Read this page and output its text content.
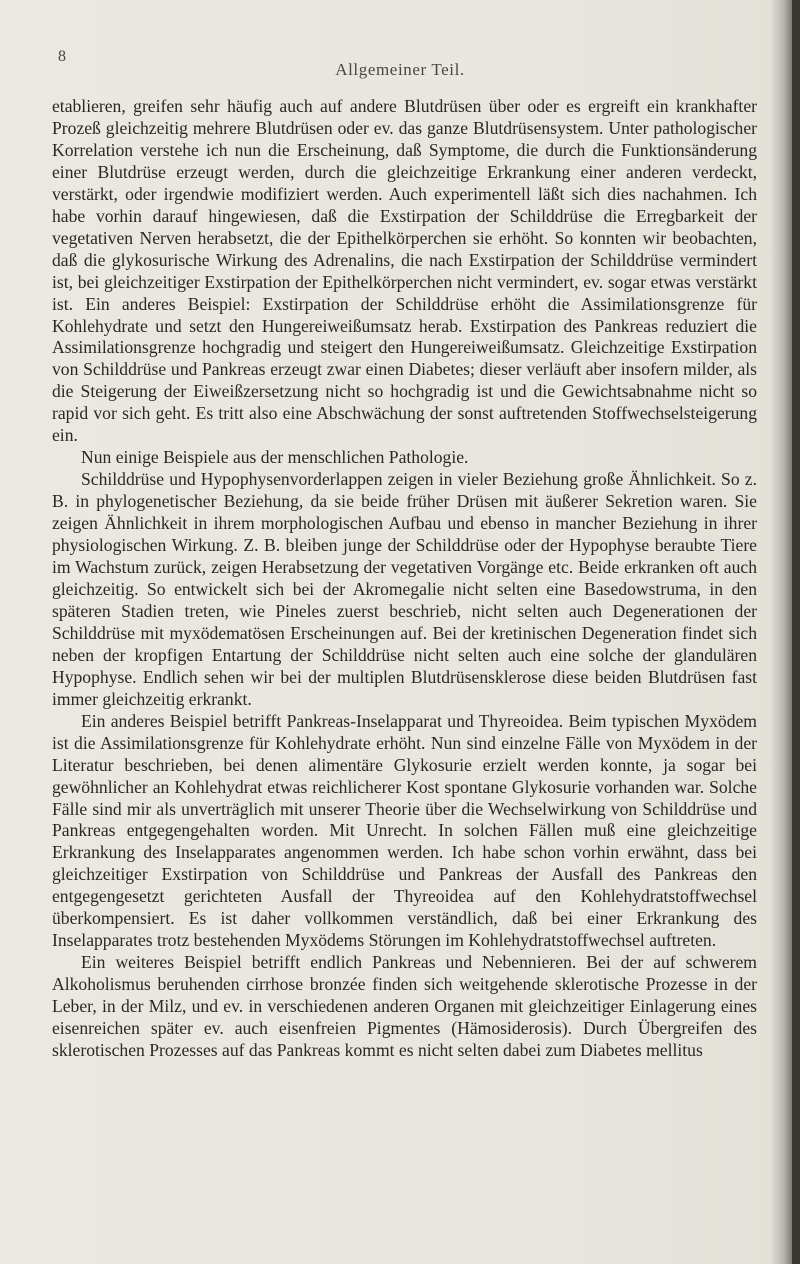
8
Allgemeiner Teil.

etablieren, greifen sehr häufig auch auf andere Blutdrüsen über oder es ergreift ein krankhafter Prozeß gleichzeitig mehrere Blutdrüsen oder ev. das ganze Blutdrüsensystem. Unter pathologischer Korrelation verstehe ich nun die Erscheinung, daß Symptome, die durch die Funktionsänderung einer Blutdrüse erzeugt werden, durch die gleichzeitige Erkrankung einer anderen verdeckt, verstärkt, oder irgendwie modifiziert werden. Auch experimentell läßt sich dies nachahmen. Ich habe vorhin darauf hingewiesen, daß die Exstirpation der Schilddrüse die Erregbarkeit der vegetativen Nerven herabsetzt, die der Epithelkörperchen sie erhöht. So konnten wir beobachten, daß die glykosurische Wirkung des Adrenalins, die nach Exstirpation der Schilddrüse vermindert ist, bei gleichzeitiger Exstirpation der Epithelkörperchen nicht vermindert, ev. sogar etwas verstärkt ist. Ein anderes Beispiel: Exstirpation der Schilddrüse erhöht die Assimilationsgrenze für Kohlehydrate und setzt den Hungereiweißumsatz herab. Exstirpation des Pankreas reduziert die Assimilationsgrenze hochgradig und steigert den Hungereiweißumsatz. Gleichzeitige Exstirpation von Schilddrüse und Pankreas erzeugt zwar einen Diabetes; dieser verläuft aber insofern milder, als die Steigerung der Eiweißzersetzung nicht so hochgradig ist und die Gewichtsabnahme nicht so rapid vor sich geht. Es tritt also eine Abschwächung der sonst auftretenden Stoffwechselsteigerung ein.

Nun einige Beispiele aus der menschlichen Pathologie.

Schilddrüse und Hypophysenvorderlappen zeigen in vieler Beziehung große Ähnlichkeit. So z. B. in phylogenetischer Beziehung, da sie beide früher Drüsen mit äußerer Sekretion waren. Sie zeigen Ähnlichkeit in ihrem morphologischen Aufbau und ebenso in mancher Beziehung in ihrer physiologischen Wirkung. Z. B. bleiben junge der Schilddrüse oder der Hypophyse beraubte Tiere im Wachstum zurück, zeigen Herabsetzung der vegetativen Vorgänge etc. Beide erkranken oft auch gleichzeitig. So entwickelt sich bei der Akromegalie nicht selten eine Basedowstruma, in den späteren Stadien treten, wie Pineles zuerst beschrieb, nicht selten auch Degenerationen der Schilddrüse mit myxödematösen Erscheinungen auf. Bei der kretinischen Degeneration findet sich neben der kropfigen Entartung der Schilddrüse nicht selten auch eine solche der glandulären Hypophyse. Endlich sehen wir bei der multiplen Blutdrüsensklerose diese beiden Blutdrüsen fast immer gleichzeitig erkrankt.

Ein anderes Beispiel betrifft Pankreas-Inselapparat und Thyreoidea. Beim typischen Myxödem ist die Assimilationsgrenze für Kohlehydrate erhöht. Nun sind einzelne Fälle von Myxödem in der Literatur beschrieben, bei denen alimentäre Glykosurie erzielt werden konnte, ja sogar bei gewöhnlicher an Kohlehydrat etwas reichlicherer Kost spontane Glykosurie vorhanden war. Solche Fälle sind mir als unverträglich mit unserer Theorie über die Wechselwirkung von Schilddrüse und Pankreas entgegengehalten worden. Mit Unrecht. In solchen Fällen muß eine gleichzeitige Erkrankung des Inselapparates angenommen werden. Ich habe schon vorhin erwähnt, dass bei gleichzeitiger Exstirpation von Schilddrüse und Pankreas der Ausfall des Pankreas den entgegengesetzt gerichteten Ausfall der Thyreoidea auf den Kohlehydratstoffwechsel überkompensiert. Es ist daher vollkommen verständlich, daß bei einer Erkrankung des Inselapparates trotz bestehenden Myxödems Störungen im Kohlehydratstoffwechsel auftreten.

Ein weiteres Beispiel betrifft endlich Pankreas und Nebennieren. Bei der auf schwerem Alkoholismus beruhenden cirrhose bronzée finden sich weitgehende sklerotische Prozesse in der Leber, in der Milz, und ev. in verschiedenen anderen Organen mit gleichzeitiger Einlagerung eines eisenreichen später ev. auch eisenfreien Pigmentes (Hämosiderosis). Durch Übergreifen des sklerotischen Prozesses auf das Pankreas kommt es nicht selten dabei zum Diabetes mellitus
